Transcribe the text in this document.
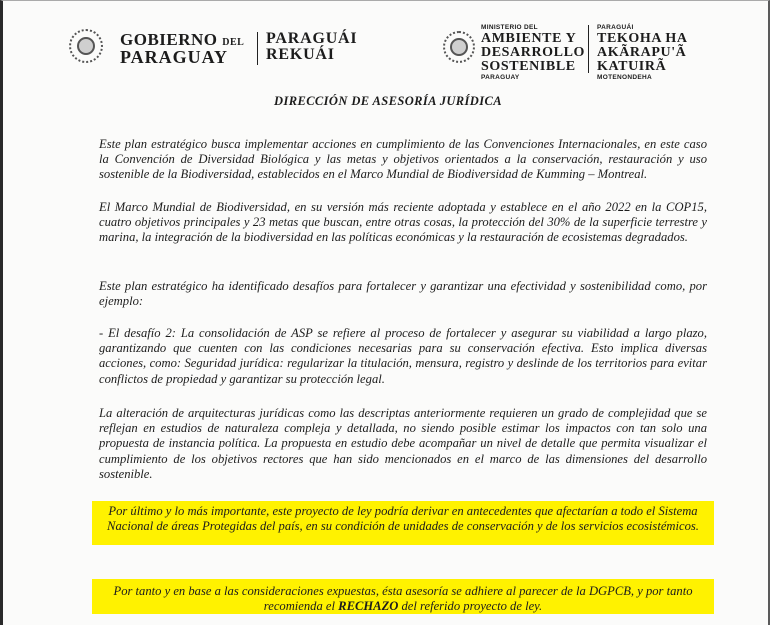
GOBIERNO DEL
PARAGUAY
PARAGUÁI
REKUÁI
MINISTERIO DEL
AMBIENTE Y
DESARROLLO
SOSTENIBLE
PARAGUAY
PARAGUÁI
TEKOHA HA
AKÃRAPU'Ã
KATUIRÃ
MOTENONDEHA
DIRECCIÓN DE ASESORÍA JURÍDICA
Este plan estratégico busca implementar acciones en cumplimiento de las Convenciones Internacionales, en este caso la Convención de Diversidad Biológica y las metas y objetivos orientados a la conservación, restauración y uso sostenible de la Biodiversidad, establecidos en el Marco Mundial de Biodiversidad de Kumming – Montreal.
El Marco Mundial de Biodiversidad, en su versión más reciente adoptada y establece en el año 2022 en la COP15, cuatro objetivos principales y 23 metas que buscan, entre otras cosas, la protección del 30% de la superficie terrestre y marina, la integración de la biodiversidad en las políticas económicas y la restauración de ecosistemas degradados.
Este plan estratégico ha identificado desafíos para fortalecer y garantizar una efectividad y sostenibilidad como, por ejemplo:
- El desafío 2: La consolidación de ASP se refiere al proceso de fortalecer y asegurar su viabilidad a largo plazo, garantizando que cuenten con las condiciones necesarias para su conservación efectiva. Esto implica diversas acciones, como: Seguridad jurídica: regularizar la titulación, mensura, registro y deslinde de los territorios para evitar conflictos de propiedad y garantizar su protección legal.
La alteración de arquitecturas jurídicas como las descriptas anteriormente requieren un grado de complejidad que se reflejan en estudios de naturaleza compleja y detallada, no siendo posible estimar los impactos con tan solo una propuesta de instancia política. La propuesta en estudio debe acompañar un nivel de detalle que permita visualizar el cumplimiento de los objetivos rectores que han sido mencionados en el marco de las dimensiones del desarrollo sostenible.
Por último y lo más importante, este proyecto de ley podría derivar en antecedentes que afectarían a todo el Sistema Nacional de áreas Protegidas del país, en su condición de unidades de conservación y de los servicios ecosistémicos.
Por tanto y en base a las consideraciones expuestas, ésta asesoría se adhiere al parecer de la DGPCB, y por tanto recomienda el RECHAZO del referido proyecto de ley.
